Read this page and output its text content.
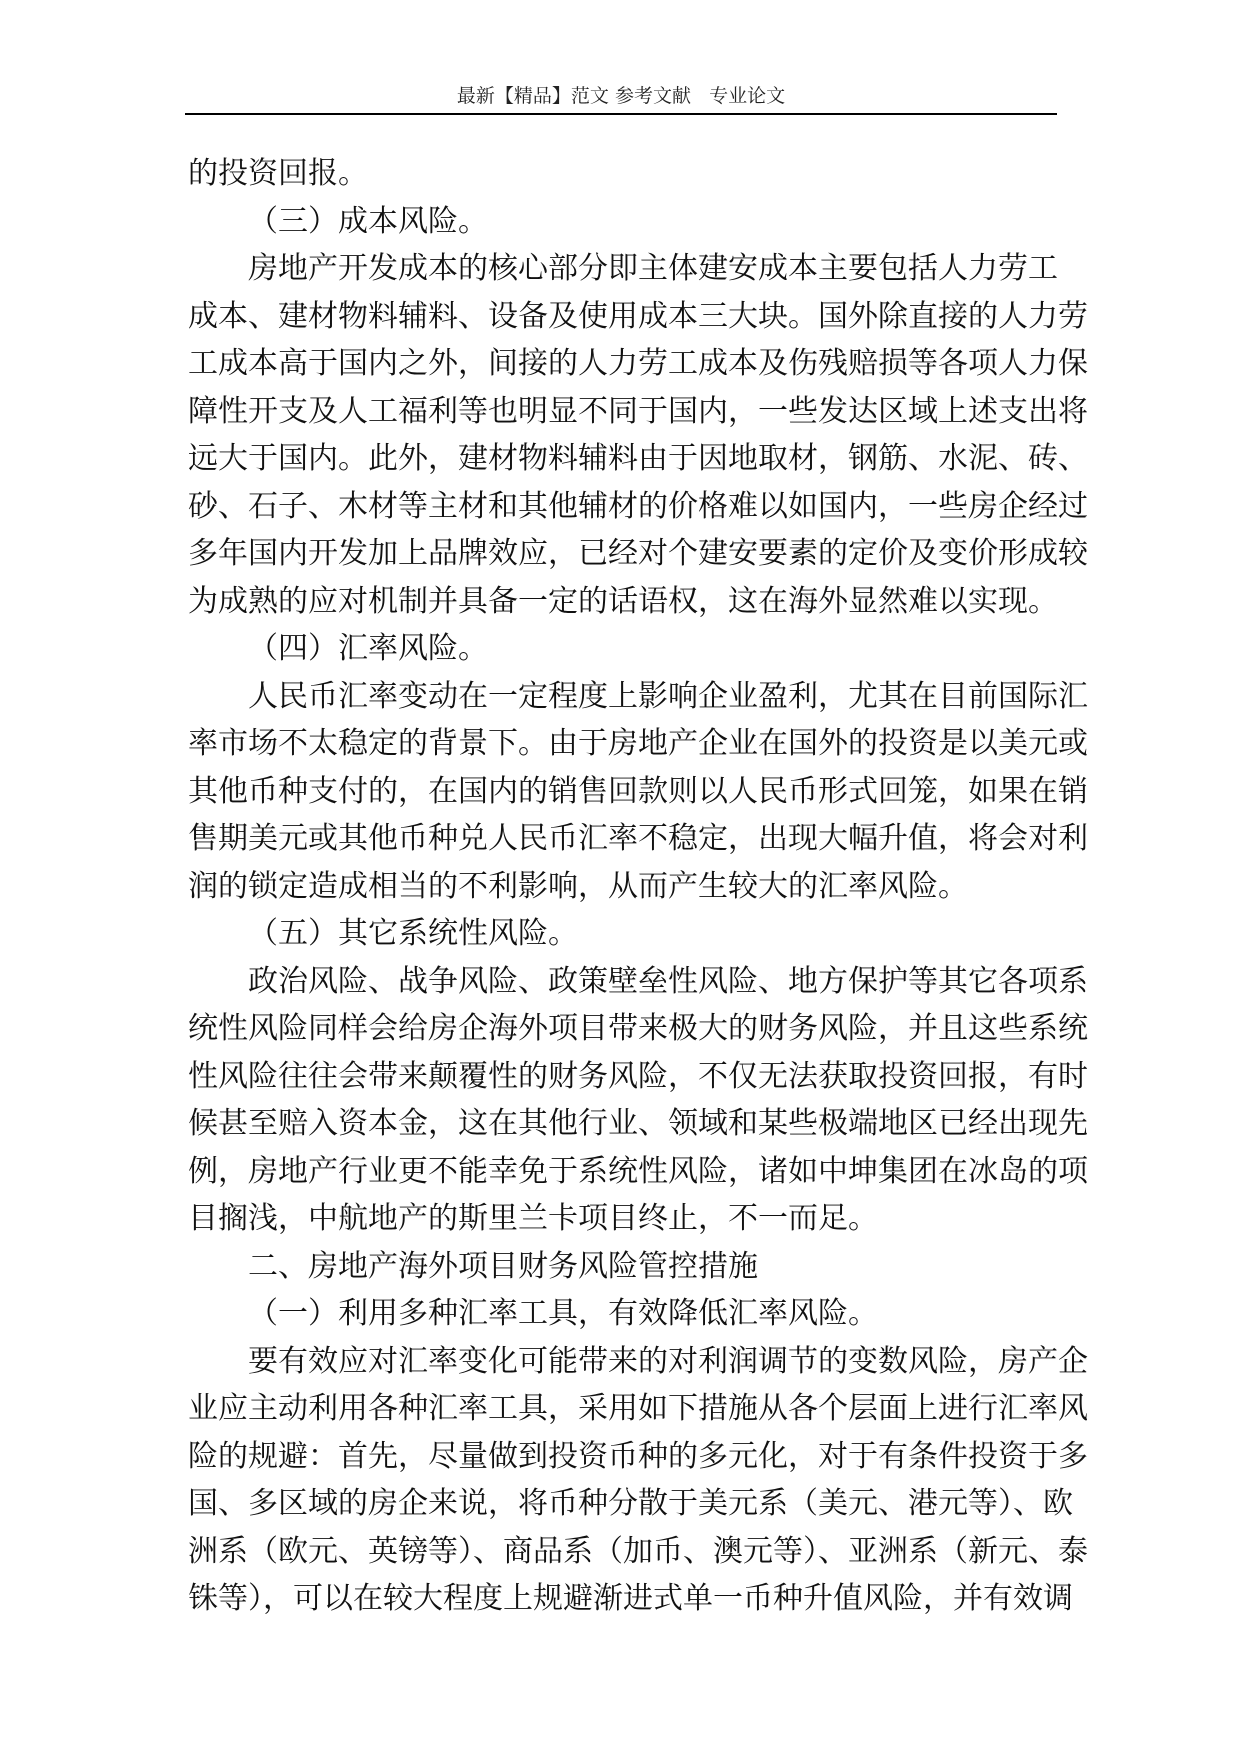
最新【精品】范文 参考文献   专业论文
的投资回报。
（三）成本风险。
房地产开发成本的核心部分即主体建安成本主要包括人力劳工
成本、建材物料辅料、设备及使用成本三大块。国外除直接的人力劳
工成本高于国内之外，间接的人力劳工成本及伤残赔损等各项人力保
障性开支及人工福利等也明显不同于国内，一些发达区域上述支出将
远大于国内。此外，建材物料辅料由于因地取材，钢筋、水泥、砖、
砂、石子、木材等主材和其他辅材的价格难以如国内，一些房企经过
多年国内开发加上品牌效应，已经对个建安要素的定价及变价形成较
为成熟的应对机制并具备一定的话语权，这在海外显然难以实现。
（四）汇率风险。
人民币汇率变动在一定程度上影响企业盈利，尤其在目前国际汇
率市场不太稳定的背景下。由于房地产企业在国外的投资是以美元或
其他币种支付的，在国内的销售回款则以人民币形式回笼，如果在销
售期美元或其他币种兑人民币汇率不稳定，出现大幅升值，将会对利
润的锁定造成相当的不利影响，从而产生较大的汇率风险。
（五）其它系统性风险。
政治风险、战争风险、政策壁垒性风险、地方保护等其它各项系
统性风险同样会给房企海外项目带来极大的财务风险，并且这些系统
性风险往往会带来颠覆性的财务风险，不仅无法获取投资回报，有时
候甚至赔入资本金，这在其他行业、领域和某些极端地区已经出现先
例，房地产行业更不能幸免于系统性风险，诸如中坤集团在冰岛的项
目搁浅，中航地产的斯里兰卡项目终止，不一而足。
二、房地产海外项目财务风险管控措施
（一）利用多种汇率工具，有效降低汇率风险。
要有效应对汇率变化可能带来的对利润调节的变数风险，房产企
业应主动利用各种汇率工具，采用如下措施从各个层面上进行汇率风
险的规避：首先，尽量做到投资币种的多元化，对于有条件投资于多
国、多区域的房企来说，将币种分散于美元系（美元、港元等）、欧
洲系（欧元、英镑等）、商品系（加币、澳元等）、亚洲系（新元、泰
铢等），可以在较大程度上规避渐进式单一币种升值风险，并有效调
